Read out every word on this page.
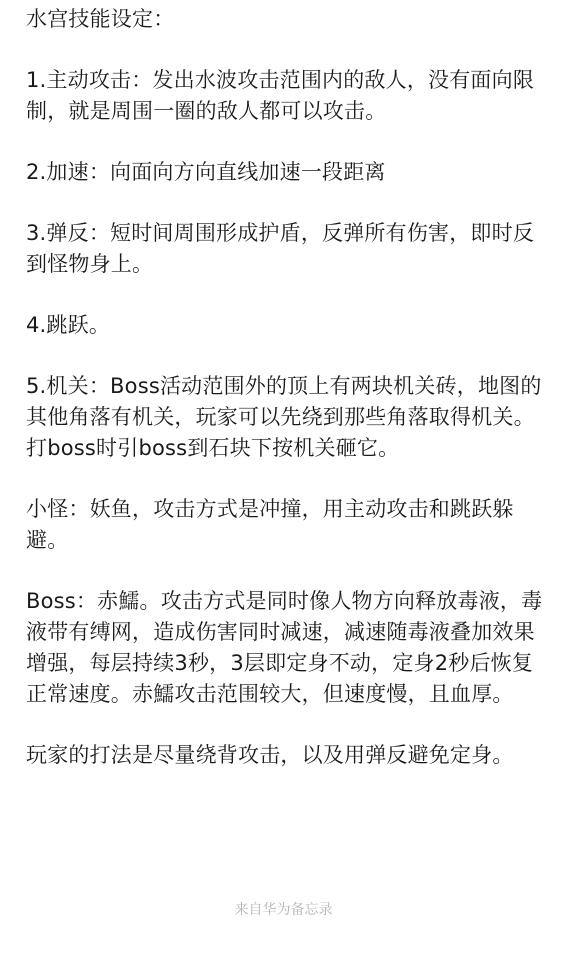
水宫技能设定：
1.主动攻击：发出水波攻击范围内的敌人，没有面向限制，就是周围一圈的敌人都可以攻击。
2.加速：向面向方向直线加速一段距离
3.弹反：短时间周围形成护盾，反弹所有伤害，即时反到怪物身上。
4.跳跃。
5.机关：Boss活动范围外的顶上有两块机关砖，地图的其他角落有机关，玩家可以先绕到那些角落取得机关。打boss时引boss到石块下按机关砸它。
小怪：妖鱼，攻击方式是冲撞，用主动攻击和跳跃躲避。
Boss：赤鱬。攻击方式是同时像人物方向释放毒液，毒液带有缚网，造成伤害同时减速，减速随毒液叠加效果增强，每层持续3秒，3层即定身不动，定身2秒后恢复正常速度。赤鱬攻击范围较大，但速度慢，且血厚。
玩家的打法是尽量绕背攻击，以及用弹反避免定身。
来自华为备忘录
